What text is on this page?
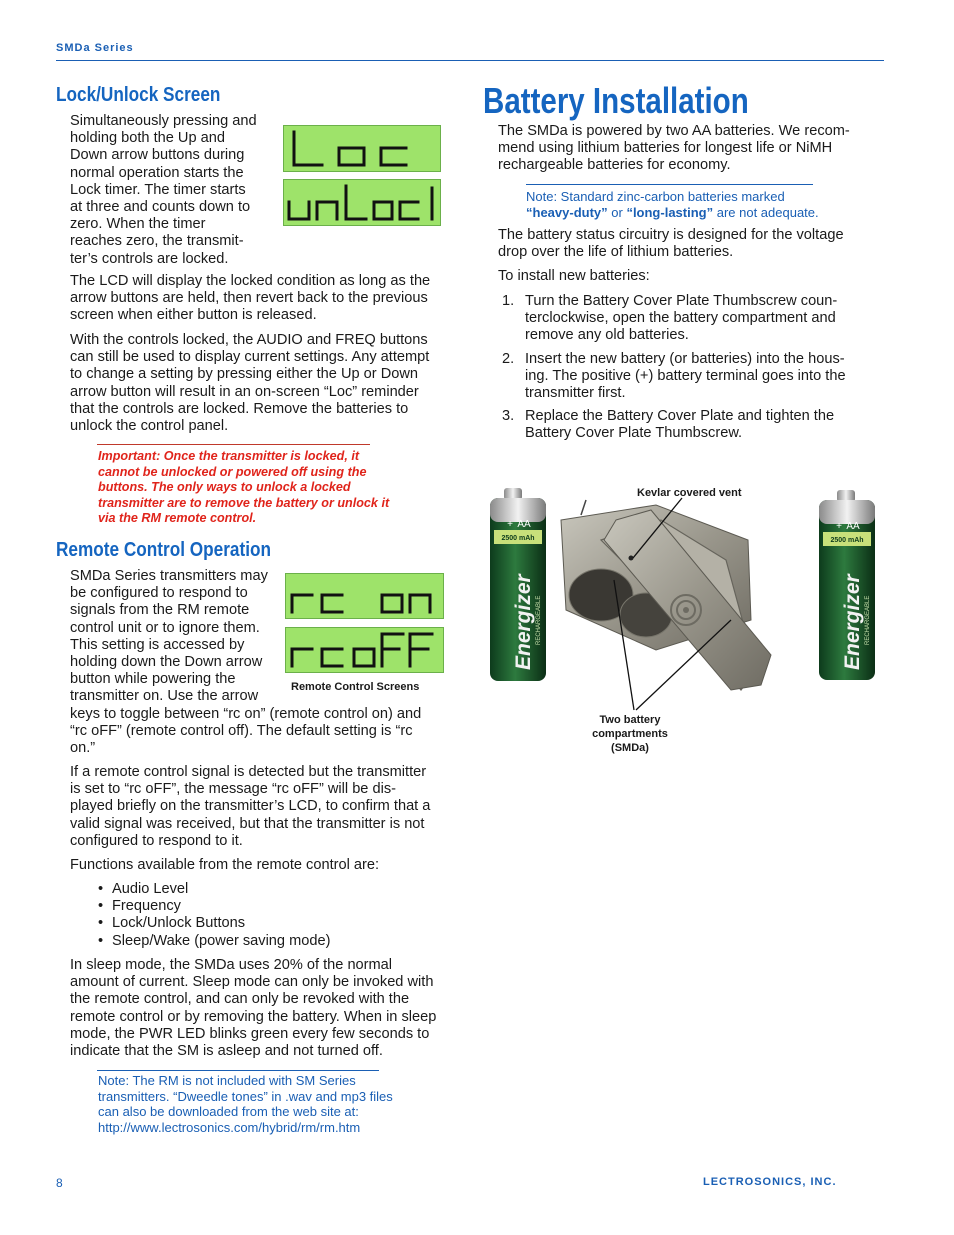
SMDa Series
Lock/Unlock Screen
Simultaneously pressing and
holding both the Up and
Down arrow buttons during
normal operation starts the
Lock timer. The timer starts
at three and counts down to
zero. When the timer
reaches zero, the transmit-
ter’s controls are locked.
The LCD will display the locked condition as long as the
arrow buttons are held, then revert back to the previous
screen when either button is released.
With the controls locked, the AUDIO and FREQ buttons
can still be used to display current settings. Any attempt
to change a setting by pressing either the Up or Down
arrow button will result in an on-screen “Loc” reminder
that the controls are locked. Remove the batteries to
unlock the control panel.
Important: Once the transmitter is locked, it
cannot be unlocked or powered off using the
buttons. The only ways to unlock a locked
transmitter are to remove the battery or unlock it
via the RM remote control.
Remote Control Operation
SMDa Series transmitters may
be configured to respond to
signals from the RM remote
control unit or to ignore them.
This setting is accessed by
holding down the Down arrow
button while powering the
transmitter on. Use the arrow
Remote Control Screens
keys to toggle between “rc on” (remote control on) and
“rc oFF” (remote control off). The default setting is “rc
on.”
If a remote control signal is detected but the transmitter
is set to “rc oFF”, the message “rc oFF” will be dis-
played briefly on the transmitter’s LCD, to confirm that a
valid signal was received, but that the transmitter is not
configured to respond to it.
Functions available from the remote control are:
• Audio Level
• Frequency
• Lock/Unlock Buttons
• Sleep/Wake (power saving mode)
In sleep mode, the SMDa uses 20% of the normal
amount of current. Sleep mode can only be invoked with
the remote control, and can only be revoked with the
remote control or by removing the battery. When in sleep
mode, the PWR LED blinks green every few seconds to
indicate that the SM is asleep and not turned off.
Note: The RM is not included with SM Series
transmitters. “Dweedle tones” in .wav and mp3 files
can also be downloaded from the web site at:
http://www.lectrosonics.com/hybrid/rm/rm.htm
Battery Installation
The SMDa is powered by two AA batteries. We recom-
mend using lithium batteries for longest life or NiMH
rechargeable batteries for economy.
Note: Standard zinc-carbon batteries marked
“heavy-duty” or “long-lasting” are not adequate.
The battery status circuitry is designed for the voltage
drop over the life of lithium batteries.
To install new batteries:
1. Turn the Battery Cover Plate Thumbscrew coun-
terclockwise, open the battery compartment and
remove any old batteries.
2. Insert the new battery (or batteries) into the hous-
ing. The positive (+) battery terminal goes into the
transmitter first.
3. Replace the Battery Cover Plate and tighten the
Battery Cover Plate Thumbscrew.
2500 mAh
AA
+
Energizer RECHARGEABLE
2500 mAh
AA
+
Energizer RECHARGEABLE
Kevlar covered vent
Two battery
compartments
(SMDa)
8	LECTROSONICS, INC.
